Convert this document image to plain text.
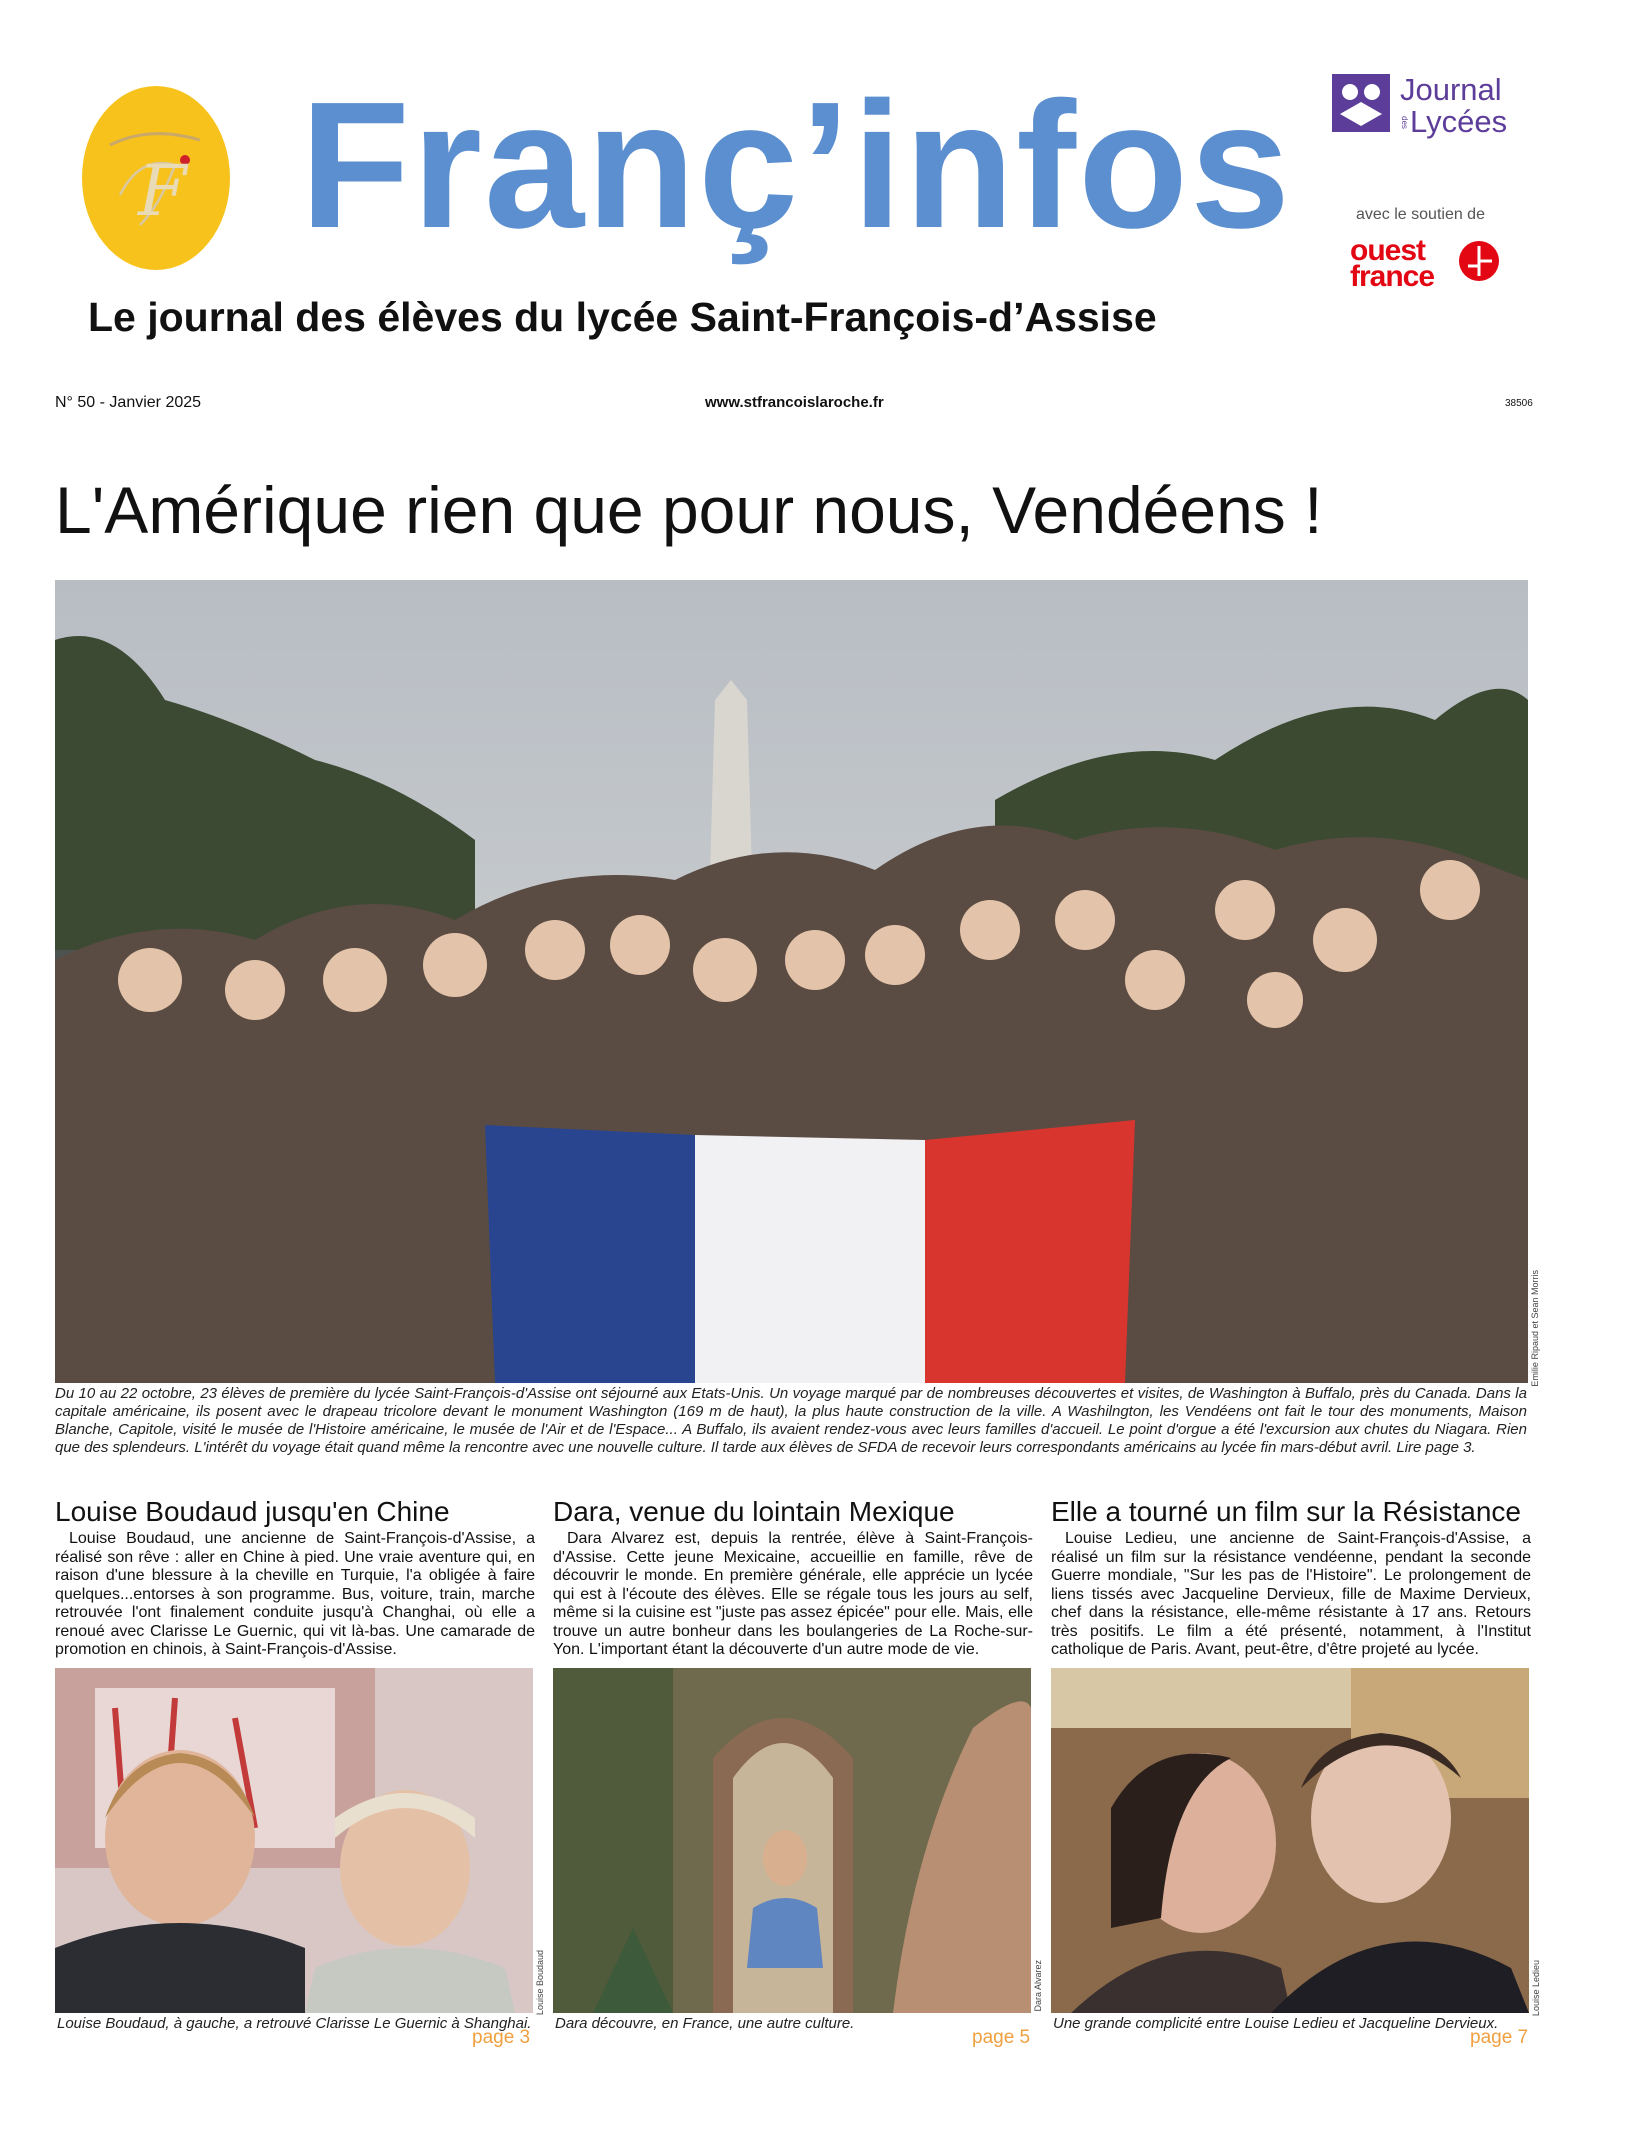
F Franç’infos
Le journal des élèves du lycée Saint-François-d’Assise
Journal
des Lycées
avec le soutien de
ouest
france
N° 50 - Janvier 2025	www.stfrancoislaroche.fr	38506
L'Amérique rien que pour nous, Vendéens !
Emilie Ripaud et Sean Morris
Du 10 au 22 octobre, 23 élèves de première du lycée Saint-François-d'Assise ont séjourné aux Etats-Unis. Un voyage marqué par de nombreuses découvertes et visites, de Washington à Buffalo, près du Canada. Dans la capitale américaine, ils posent avec le drapeau tricolore devant le monument Washington (169 m de haut), la plus haute construction de la ville. A Washilngton, les Vendéens ont fait le tour des monuments, Maison Blanche, Capitole, visité le musée de l'Histoire américaine, le musée de l'Air et de l'Espace... A Buffalo, ils avaient rendez-vous avec leurs familles d'accueil. Le point d'orgue a été l'excursion aux chutes du Niagara. Rien que des splendeurs. L'intérêt du voyage était quand même la rencontre avec une nouvelle culture. Il tarde aux élèves de SFDA de recevoir leurs correspondants américains au lycée fin mars-début avril. Lire page 3.
Louise Boudaud jusqu'en Chine
Louise Boudaud, une ancienne de Saint-François-d'Assise, a réalisé son rêve : aller en Chine à pied. Une vraie aventure qui, en raison d'une blessure à la cheville en Turquie, l'a obligée à faire quelques...entorses à son programme. Bus, voiture, train, marche retrouvée l'ont finalement conduite jusqu'à Changhai, où elle a renoué avec Clarisse Le Guernic, qui vit là-bas. Une camarade de promotion en chinois, à Saint-François-d'Assise.
Louise Boudaud
Louise Boudaud, à gauche, a retrouvé Clarisse Le Guernic à Shanghai.
page 3
Dara, venue du lointain Mexique
Dara Alvarez est, depuis la rentrée, élève à Saint-François-d'Assise. Cette jeune Mexicaine, accueillie en famille, rêve de découvrir le monde. En première générale, elle apprécie un lycée qui est à l'écoute des élèves. Elle se régale tous les jours au self, même si la cuisine est "juste pas assez épicée" pour elle. Mais, elle trouve un autre bonheur dans les boulangeries de La Roche-sur-Yon. L'important étant la découverte d'un autre mode de vie.
Dara Alvarez
Dara découvre, en France, une autre culture.
page 5
Elle a tourné un film sur la Résistance
Louise Ledieu, une ancienne de Saint-François-d'Assise, a réalisé un film sur la résistance vendéenne, pendant la seconde Guerre mondiale, "Sur les pas de l'Histoire". Le prolongement de liens tissés avec Jacqueline Dervieux, fille de Maxime Dervieux, chef dans la résistance, elle-même résistante à 17 ans. Retours très positifs. Le film a été présenté, notamment, à l'Institut catholique de Paris. Avant, peut-être, d'être projeté au lycée.
Louise Ledieu
Une grande complicité entre Louise Ledieu et Jacqueline Dervieux.
page 7
